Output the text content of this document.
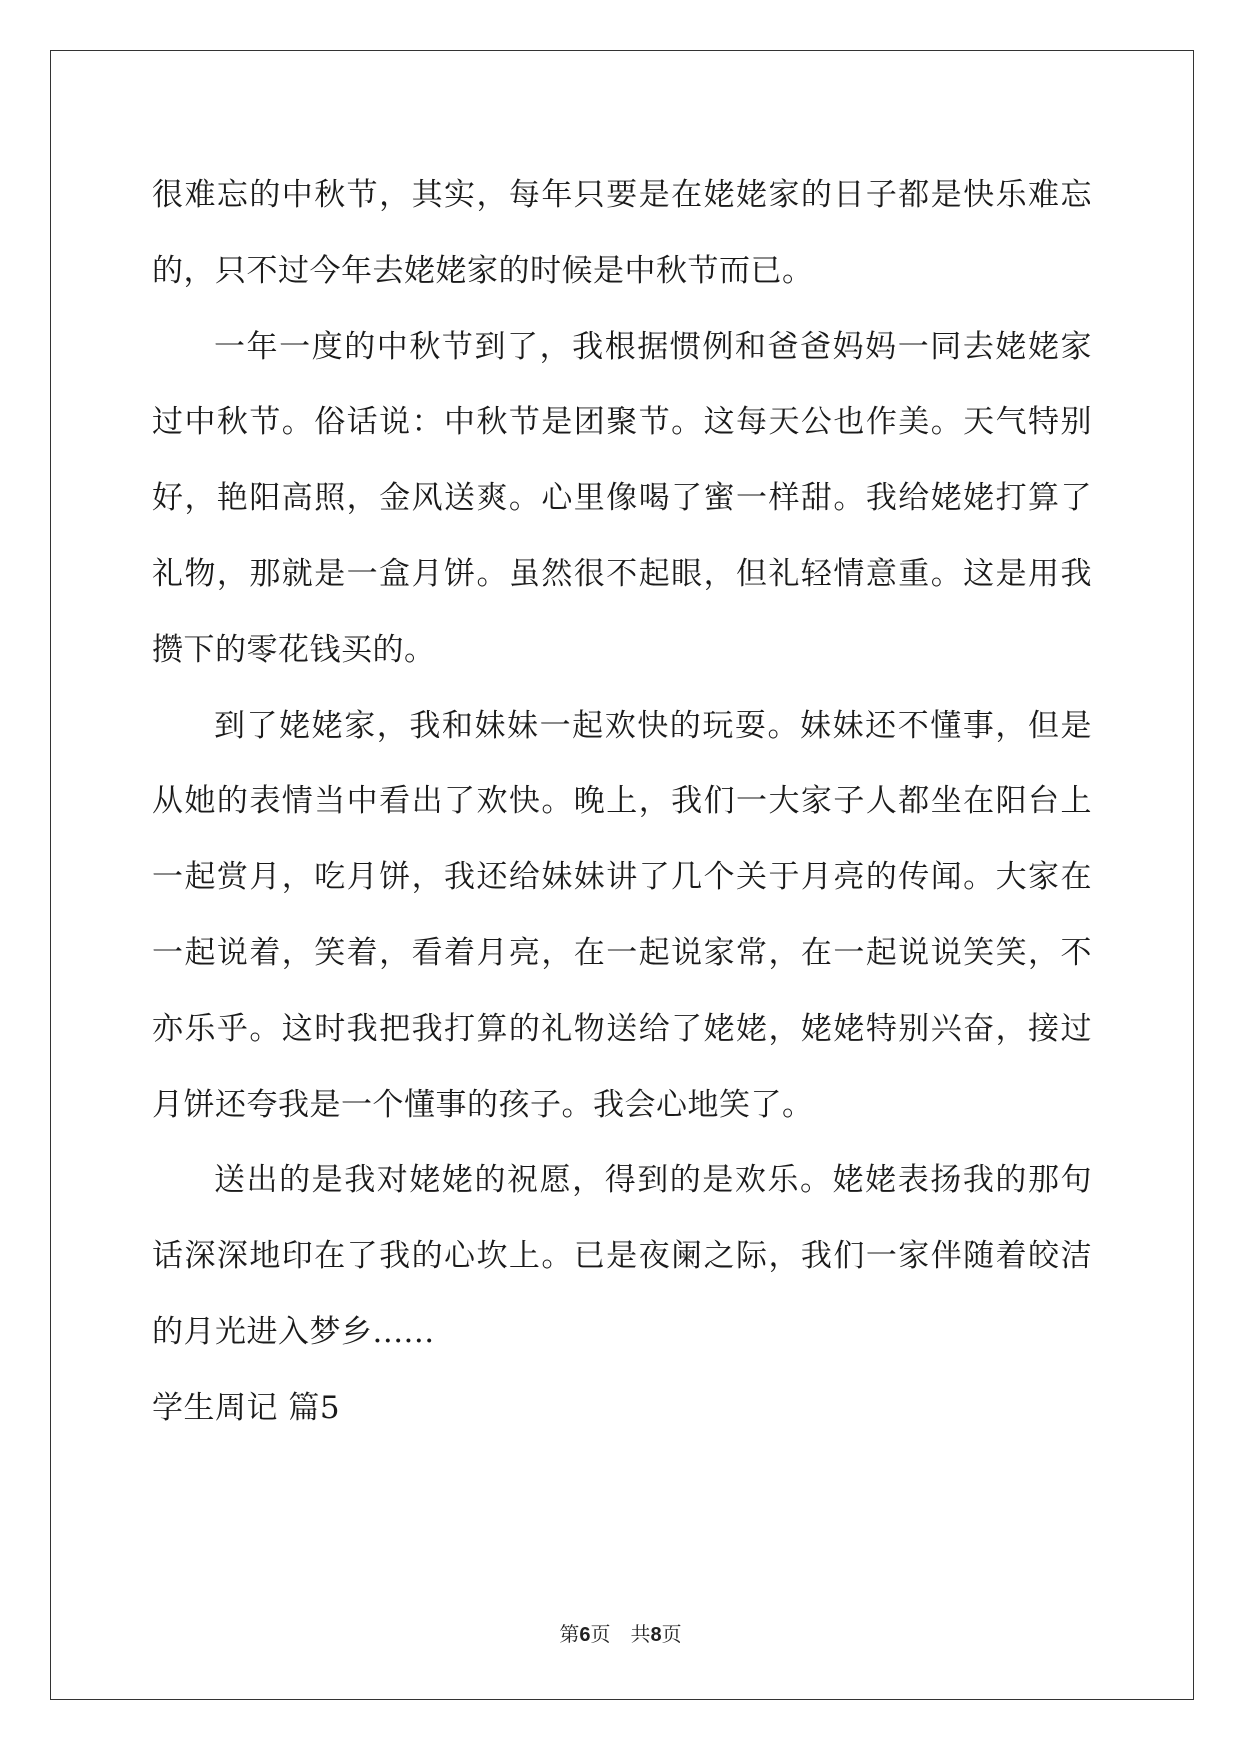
很难忘的中秋节，其实，每年只要是在姥姥家的日子都是快乐难忘的，只不过今年去姥姥家的时候是中秋节而已。

一年一度的中秋节到了，我根据惯例和爸爸妈妈一同去姥姥家过中秋节。俗话说：中秋节是团聚节。这每天公也作美。天气特别好，艳阳高照，金风送爽。心里像喝了蜜一样甜。我给姥姥打算了礼物，那就是一盒月饼。虽然很不起眼，但礼轻情意重。这是用我攒下的零花钱买的。

到了姥姥家，我和妹妹一起欢快的玩耍。妹妹还不懂事，但是从她的表情当中看出了欢快。晚上，我们一大家子人都坐在阳台上一起赏月，吃月饼，我还给妹妹讲了几个关于月亮的传闻。大家在一起说着，笑着，看着月亮，在一起说家常，在一起说说笑笑，不亦乐乎。这时我把我打算的礼物送给了姥姥，姥姥特别兴奋，接过月饼还夸我是一个懂事的孩子。我会心地笑了。

送出的是我对姥姥的祝愿，得到的是欢乐。姥姥表扬我的那句话深深地印在了我的心坎上。已是夜阑之际，我们一家伴随着皎洁的月光进入梦乡......

学生周记 篇5

第6页 共8页
